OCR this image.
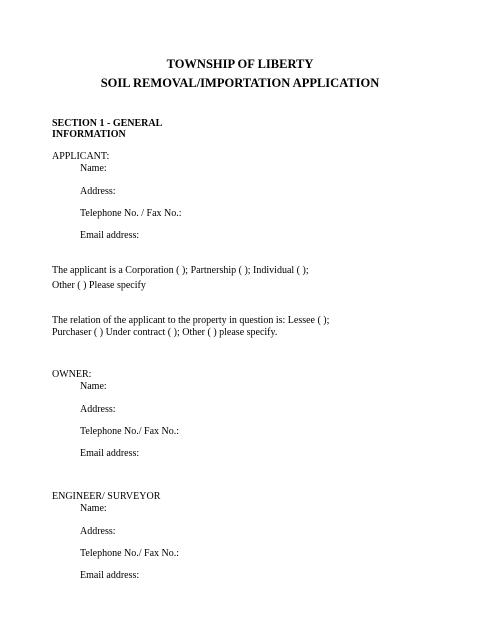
TOWNSHIP OF LIBERTY
SOIL REMOVAL/IMPORTATION APPLICATION
SECTION 1 - GENERAL
INFORMATION
APPLICANT:
Name:
Address:
Telephone No. / Fax No.:
Email address:
The applicant is a Corporation ( ); Partnership ( ); Individual ( );
Other ( ) Please specify
The relation of the applicant to the property in question is: Lessee ( );
Purchaser ( ) Under contract ( ); Other ( ) please specify.
OWNER:
Name:
Address:
Telephone No./ Fax No.:
Email address:
ENGINEER/ SURVEYOR
Name:
Address:
Telephone No./ Fax No.:
Email address:
